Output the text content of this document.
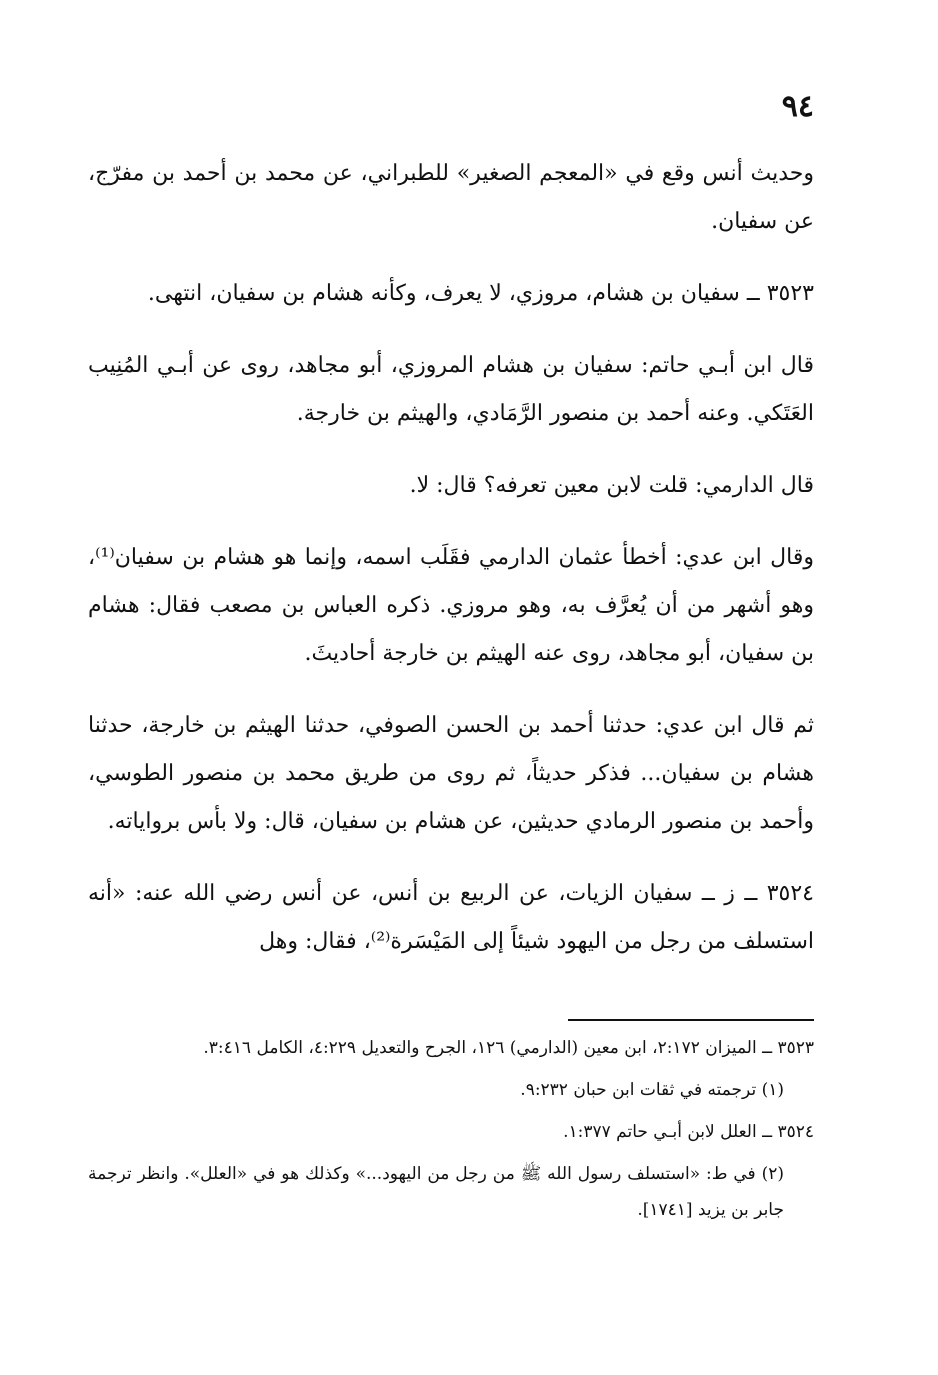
٩٤

وحديث أنس وقع في «المعجم الصغير» للطبراني، عن محمد بن أحمد بن مفرّج، عن سفيان.

٣٥٢٣ ــ سفيان بن هشام، مروزي، لا يعرف، وكأنه هشام بن سفيان، انتهى.

قال ابن أبـي حاتم: سفيان بن هشام المروزي، أبو مجاهد، روى عن أبـي المُنِيب العَتَكي. وعنه أحمد بن منصور الرَّمَادي، والهيثم بن خارجة.

قال الدارمي: قلت لابن معين تعرفه؟ قال: لا.

وقال ابن عدي: أخطأ عثمان الدارمي فقَلَب اسمه، وإنما هو هشام بن سفيان⁽¹⁾، وهو أشهر من أن يُعرَّف به، وهو مروزي. ذكره العباس بن مصعب فقال: هشام بن سفيان، أبو مجاهد، روى عنه الهيثم بن خارجة أحاديثَ.

ثم قال ابن عدي: حدثنا أحمد بن الحسن الصوفي، حدثنا الهيثم بن خارجة، حدثنا هشام بن سفيان... فذكر حديثاً، ثم روى من طريق محمد بن منصور الطوسي، وأحمد بن منصور الرمادي حديثين، عن هشام بن سفيان، قال: ولا بأس برواياته.

٣٥٢٤ ــ ز ــ سفيان الزيات، عن الربيع بن أنس، عن أنس رضي الله عنه: «أنه استسلف من رجل من اليهود شيئاً إلى المَيْسَرة⁽²⁾، فقال: وهل

٣٥٢٣ ــ الميزان ٢:١٧٢، ابن معين (الدارمي) ١٢٦، الجرح والتعديل ٤:٢٢٩، الكامل ٣:٤١٦.

(١) ترجمته في ثقات ابن حبان ٩:٢٣٢.

٣٥٢٤ ــ العلل لابن أبـي حاتم ١:٣٧٧.

(٢) في ط: «استسلف رسول الله ﷺ من رجل من اليهود...» وكذلك هو في «العلل». وانظر ترجمة جابر بن يزيد [١٧٤١].
